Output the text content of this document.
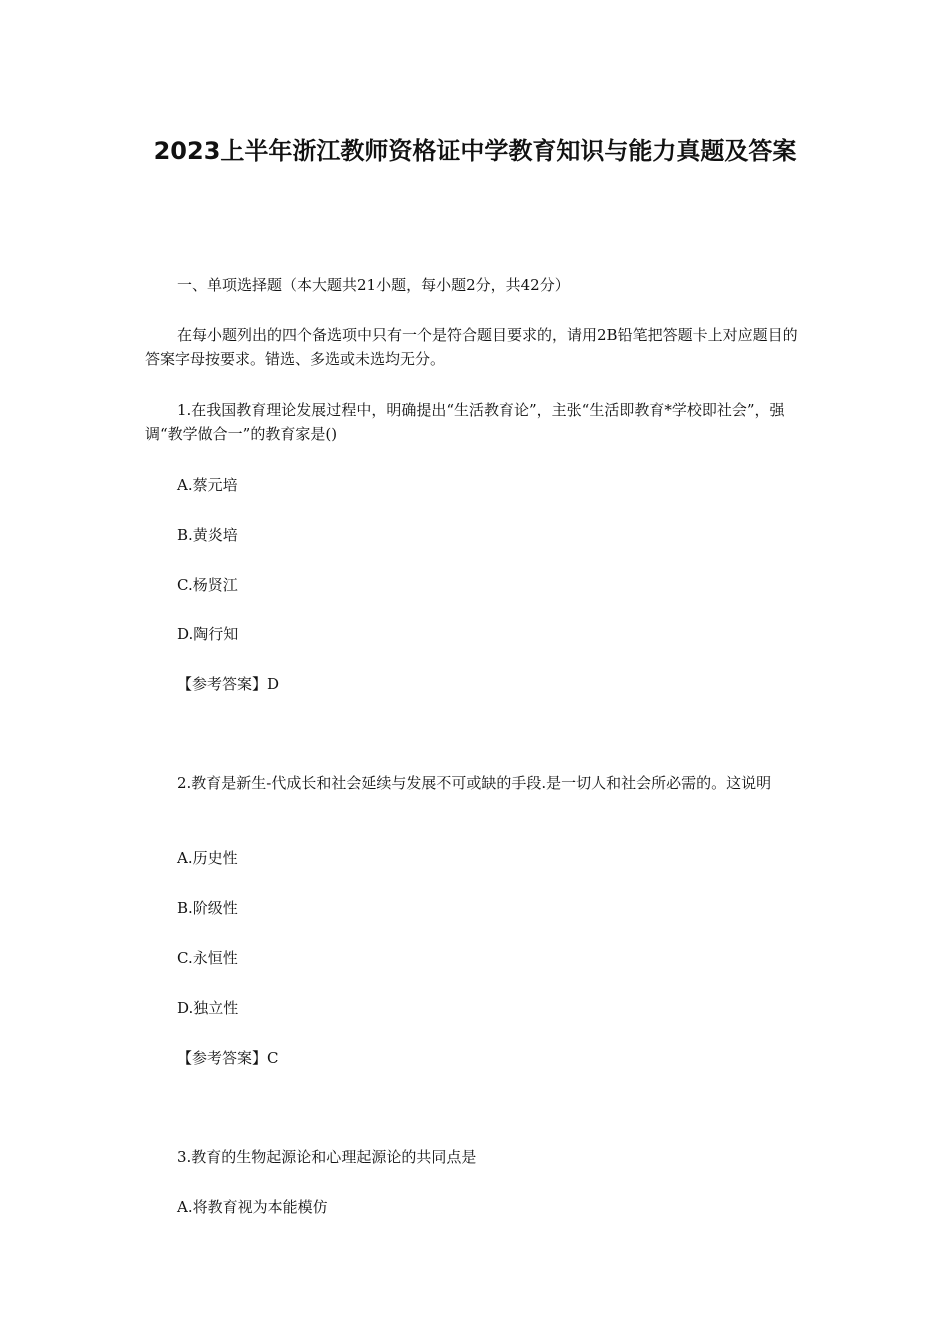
2023上半年浙江教师资格证中学教育知识与能力真题及答案

一、单项选择题（本大题共21小题，每小题2分，共42分）

在每小题列出的四个备选项中只有一个是符合题目要求的，请用2B铅笔把答题卡上对应题目的答案字母按要求。错选、多选或未选均无分。

1.在我国教育理论发展过程中，明确提出“生活教育论”，主张“生活即教育*学校即社会”，强调“教学做合一”的教育家是()

A.蔡元培

B.黄炎培

C.杨贤江

D.陶行知

【参考答案】D

2.教育是新生-代成长和社会延续与发展不可或缺的手段.是一切人和社会所必需的。这说明

A.历史性

B.阶级性

C.永恒性

D.独立性

【参考答案】C

3.教育的生物起源论和心理起源论的共同点是

A.将教育视为本能模仿
